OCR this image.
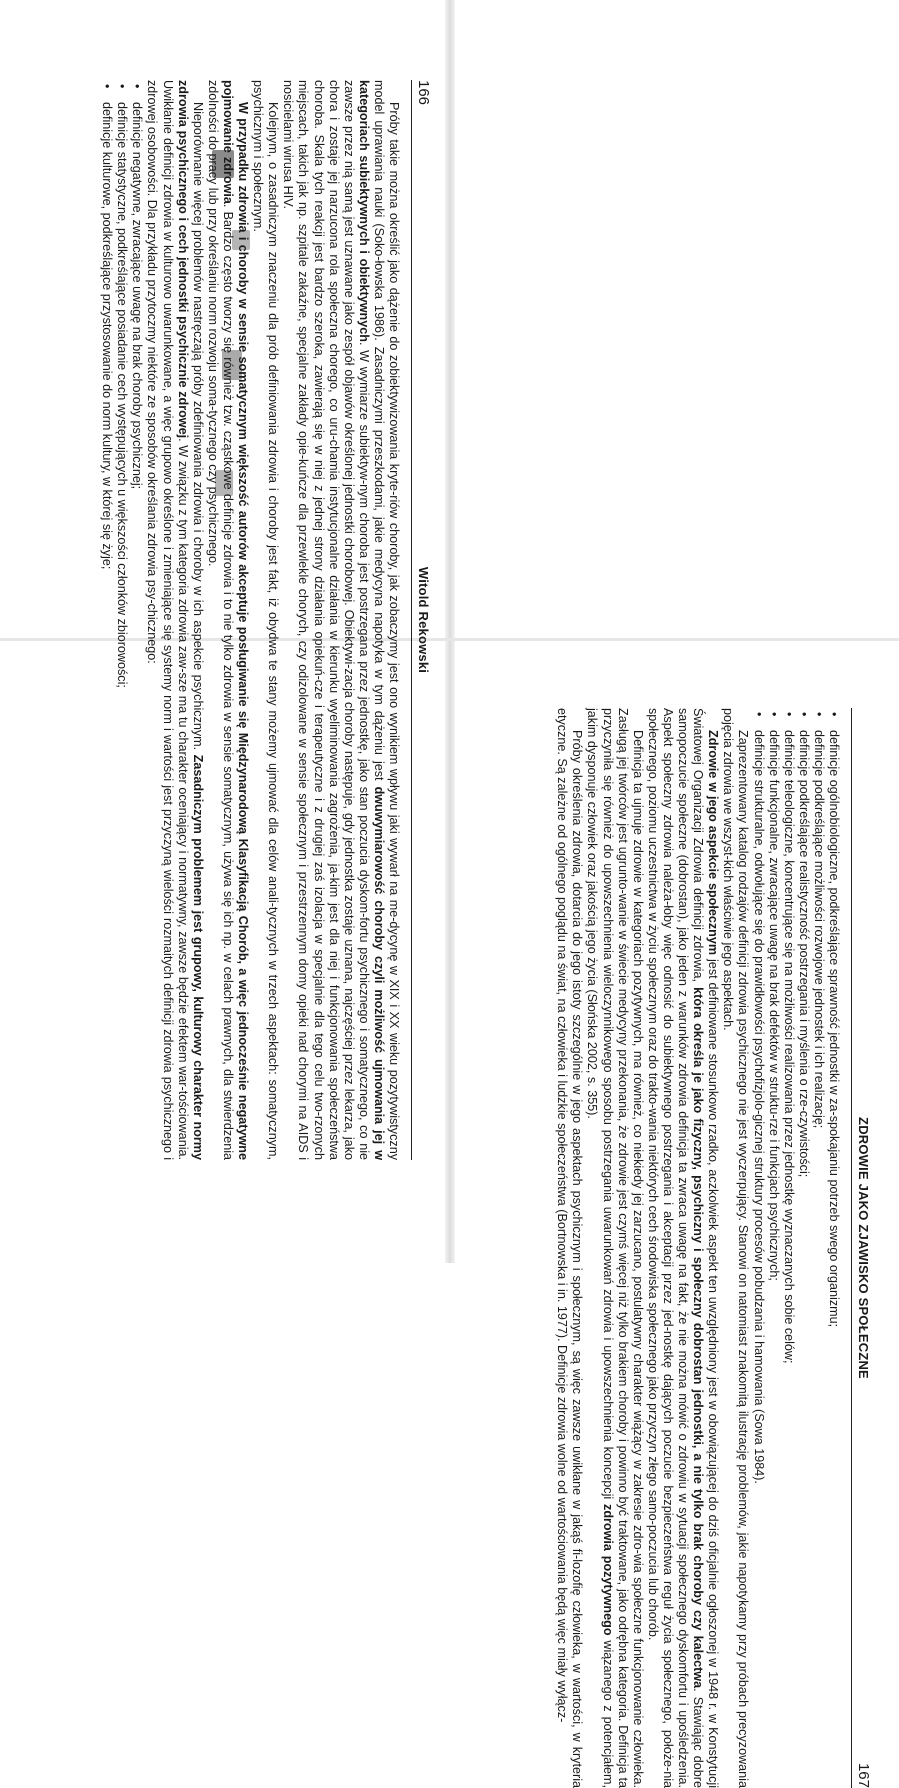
166
Witold Rekowski

Próby takie można określić jako dążenie do zobiektywizowania kryte-riów choroby, jak zobaczymy jest ono wynikiem wpływu jaki wywarł na me-dycynę w XIX i XX wieku pozytywistyczny model uprawiania nauki (Soko-łowska 1986). Zasadniczymi przeszkodami, jakie medycyna napotyka w tym dążeniu jest dwuwymiarowość choroby czyli możliwość ujmowania jej w kategoriach subiektywnych i obiektywnych. W wymiarze subiektyw-nym choroba jest postrzegana przez jednostkę, jako stan poczucia dyskom-fortu psychicznego i somatycznego, co nie zawsze przez nią samą jest uznawane jako zespół objawów określonej jednostki chorobowej. Obiektywi-zacja choroby następuje, gdy jednostka zostaje uznana, najczęściej przez lekarza, jako chora i zostaje jej narzucona rola społeczna chorego, co uru-chamia instytucjonalne działania w kierunku wyeliminowania zagrożenia, ja-kim jest dla niej i funkcjonowania społeczeństwa choroba. Skala tych reakcji jest bardzo szeroka, zawierają się w niej z jednej strony działania opiekuń-cze i terapeutyczne i z drugiej zaś izolacja w specjalnie dla tego celu two-rzonych miejscach, takich jak np. szpitale zakaźne, specjalne zakłady opie-kuńcze dla przewlekle chorych, czy odizolowane w sensie społecznym i przestrzennym domy opieki nad chorymi na AIDS i nosicielami wirusa HIV.

Kolejnym, o zasadniczym znaczeniu dla prób definiowania zdrowia i choroby jest fakt, iż obydwa te stany możemy ujmować dla celów anali-tycznych w trzech aspektach: somatycznym, psychicznym i społecznym.

W przypadku zdrowia i choroby w sensie somatycznym większość autorów akceptuje posługiwanie się Międzynarodową Klasyfikacją Chorób, a więc jednocześnie negatywne pojmowanie zdrowia. Bardzo często tworzy się również tzw. cząstkowe definicje zdrowia i to nie tylko zdrowia w sensie somatycznym, używa się ich np. w celach prawnych, dla stwierdzenia zdolności do pracy lub przy określaniu norm rozwoju soma-tycznego czy psychicznego.

Nieporównanie więcej problemów nastręczają próby zdefiniowania zdrowia i choroby w ich aspekcie psychicznym. Zasadniczym problemem jest grupowy, kulturowy charakter normy zdrowia psychicznego i cech jednostki psychicznie zdrowej. W związku z tym kategoria zdrowia zaw-sze ma tu charakter oceniający i normatywny, zawsze będzie efektem war-tościowania. Uwikłanie definicji zdrowia w kulturowo uwarunkowane, a więc grupowo określone i zmieniające się systemy norm i wartości jest przyczyną wielości rozmaitych definicji zdrowia psychicznego i zdrowej osobowości. Dla przykładu przytoczmy niektóre ze sposobów określania zdrowia psy-chicznego:

• definicje negatywne, zwracające uwagę na brak choroby psychicznej;
• definicje statystyczne, podkreślające posiadanie cech występujących u większości członków zbiorowości;
• definicje kulturowe, podkreślające przystosowanie do norm kultury, w której się żyje;
ZDROWIE JAKO ZJAWISKO SPOŁECZNE
167
• definicje ogólnobiologiczne, podkreślające sprawność jednostki w za-spokajaniu potrzeb swego organizmu;
• definicje podkreślające możliwości rozwojowe jednostek i ich realizację;
• definicje podkreślające realistyczność postrzegania i myślenia o rze-czywistości;
• definicje teleologiczne, koncentrujące się na możliwości realizowania przez jednostkę wyznaczanych sobie celów;
• definicje funkcjonalne, zwracające uwagę na brak defektów w struktu-rze i funkcjach psychicznych;
• definicje strukturalne, odwołujące się do prawidłowości psychofizjolo-gicznej struktury procesów pobudzania i hamowania (Sowa 1984).

Zaprezentowany katalog rodzajów definicji zdrowia psychicznego nie jest wyczerpujący. Stanowi on natomiast znakomitą ilustrację problemów, jakie napotykamy przy próbach precyzowania pojęcia zdrowia we wszyst-kich właściwie jego aspektach.

Zdrowie w jego aspekcie społecznym jest definiowane stosunkowo rzadko, aczkolwiek aspekt ten uwzględniony jest w obowiązującej do dziś oficjalnie ogłoszonej w 1948 r. w Konstytucji Światowej Organizacji Zdrowia definicji zdrowia, która określa je jako fizyczny, psychiczny i społeczny dobrostan jednostki, a nie tylko brak choroby czy kalectwa. Stawiając dobre samopoczucie społeczne (dobrostan), jako jeden z warunków zdrowia definicja ta zwraca uwagę na fakt, że nie można mówić o zdrowiu w sytuacji społecznego dyskomfortu i upośledzenia. Aspekt społeczny zdrowia należa-łoby więc odnosić do subiektywnego postrzegania i akceptacji przez jed-nostkę dających poczucie bezpieczeństwa reguł życia społecznego, położe-nia społecznego, poziomu uczestnictwa w życiu społecznym oraz do trakto-wania niektórych cech środowiska społecznego jako przyczyn złego samo-poczucia lub chorób.

Definicja ta ujmuje zdrowie w kategoriach pozytywnych, ma również, co niekiedy jej zarzucano, postulatywny charakter wiążący w zakresie zdro-wia społeczne funkcjonowanie człowieka. Zasługą jej twórców jest ugrunto-wanie w świecie medycyny przekonania, że zdrowie jest czymś więcej niż tylko brakiem choroby i powinno być traktowane, jako odrębna kategoria. Definicja ta przyczyniła się również do upowszechnienia wieloczynnikowego sposobu postrzegania uwarunkowań zdrowia i upowszechnienia koncepcji zdrowia pozytywnego wiązanego z potencjałem, jakim dysponuje człowiek oraz jakością jego życia (Słońska 2002, s. 355).

Próby określenia zdrowia, dotarcia do jego istoty szczególnie w jego aspektach psychicznym i społecznym, są więc zawsze uwikłane w jakąś fi-lozofię człowieka, w wartości, w kryteria etyczne. Są zależne od ogólnego poglądu na świat, na człowieka i ludzkie społeczeństwa (Bortnowska i in. 1977). Definicje zdrowia wolne od wartościowania będą więc miały wyłącz-
